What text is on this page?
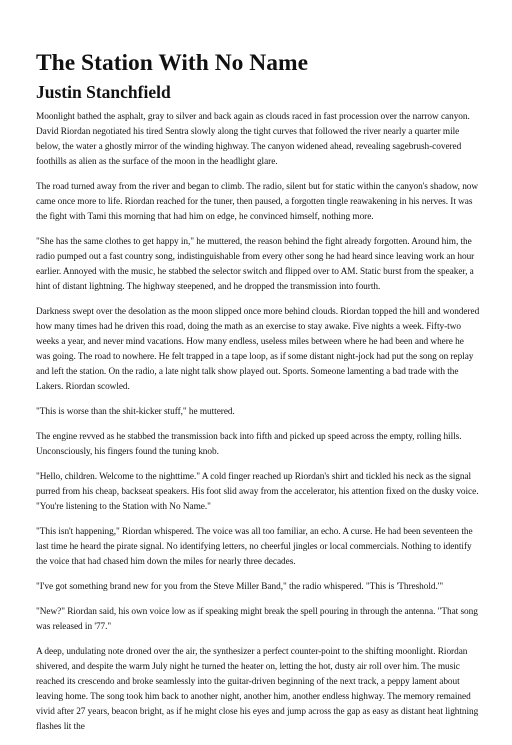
The Station With No Name
Justin Stanchfield

Moonlight bathed the asphalt, gray to silver and back again as clouds raced in fast procession over the narrow canyon. David Riordan negotiated his tired Sentra slowly along the tight curves that followed the river nearly a quarter mile below, the water a ghostly mirror of the winding highway. The canyon widened ahead, revealing sagebrush-covered foothills as alien as the surface of the moon in the headlight glare.

The road turned away from the river and began to climb. The radio, silent but for static within the canyon's shadow, now came once more to life. Riordan reached for the tuner, then paused, a forgotten tingle reawakening in his nerves. It was the fight with Tami this morning that had him on edge, he convinced himself, nothing more.

"She has the same clothes to get happy in," he muttered, the reason behind the fight already forgotten. Around him, the radio pumped out a fast country song, indistinguishable from every other song he had heard since leaving work an hour earlier. Annoyed with the music, he stabbed the selector switch and flipped over to AM. Static burst from the speaker, a hint of distant lightning. The highway steepened, and he dropped the transmission into fourth.

Darkness swept over the desolation as the moon slipped once more behind clouds. Riordan topped the hill and wondered how many times had he driven this road, doing the math as an exercise to stay awake. Five nights a week. Fifty-two weeks a year, and never mind vacations. How many endless, useless miles between where he had been and where he was going. The road to nowhere. He felt trapped in a tape loop, as if some distant night-jock had put the song on replay and left the station. On the radio, a late night talk show played out. Sports. Someone lamenting a bad trade with the Lakers. Riordan scowled.

"This is worse than the shit-kicker stuff," he muttered.

The engine revved as he stabbed the transmission back into fifth and picked up speed across the empty, rolling hills. Unconsciously, his fingers found the tuning knob.

"Hello, children. Welcome to the nighttime." A cold finger reached up Riordan's shirt and tickled his neck as the signal purred from his cheap, backseat speakers. His foot slid away from the accelerator, his attention fixed on the dusky voice. "You're listening to the Station with No Name."

"This isn't happening," Riordan whispered. The voice was all too familiar, an echo. A curse. He had been seventeen the last time he heard the pirate signal. No identifying letters, no cheerful jingles or local commercials. Nothing to identify the voice that had chased him down the miles for nearly three decades.

"I've got something brand new for you from the Steve Miller Band," the radio whispered. "This is 'Threshold.'"

"New?" Riordan said, his own voice low as if speaking might break the spell pouring in through the antenna. "That song was released in '77."

A deep, undulating note droned over the air, the synthesizer a perfect counter-point to the shifting moonlight. Riordan shivered, and despite the warm July night he turned the heater on, letting the hot, dusty air roll over him. The music reached its crescendo and broke seamlessly into the guitar-driven beginning of the next track, a peppy lament about leaving home. The song took him back to another night, another him, another endless highway. The memory remained vivid after 27 years, beacon bright, as if he might close his eyes and jump across the gap as easy as distant heat lightning flashes lit the
